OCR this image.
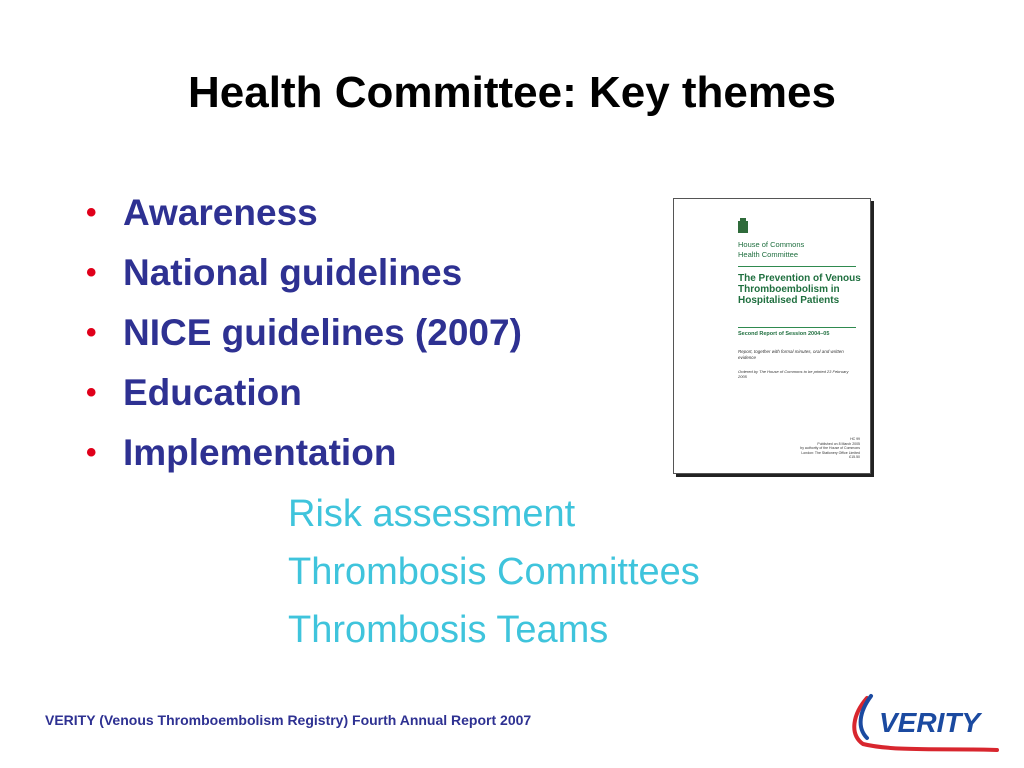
Health Committee: Key themes
• Awareness
• National guidelines
• NICE guidelines (2007)
• Education
• Implementation
Risk assessment
Thrombosis Committees
Thrombosis Teams
House of Commons
Health Committee
The Prevention of Venous Thromboembolism in Hospitalised Patients
Second Report of Session 2004–05
Report, together with formal minutes, oral and written evidence
Ordered by The House of Commons to be printed 23 February 2005
HC 99
Published on 8 March 2005
by authority of the House of Commons
London: The Stationery Office Limited
£15.50
VERITY (Venous Thromboembolism Registry) Fourth Annual Report 2007	VERITY
